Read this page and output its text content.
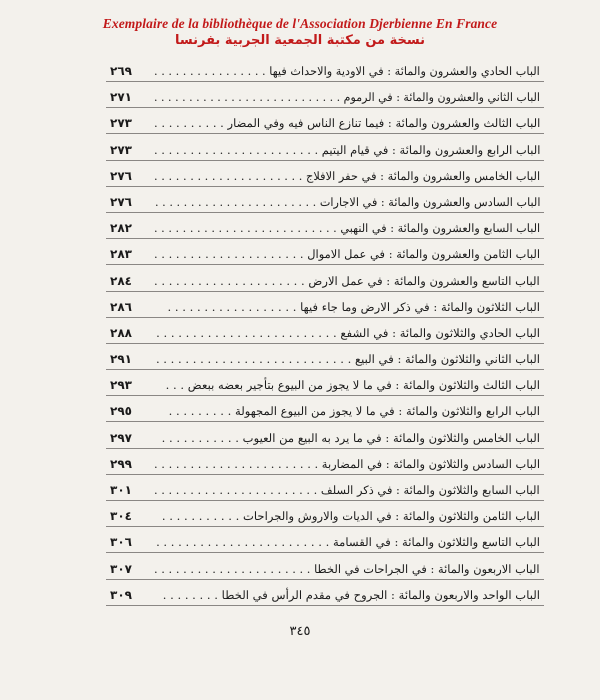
Exemplaire de la bibliothèque de l'Association Djerbienne En France
نسخة من مكتبة الجمعية الجربية بفرنسا
الباب الحادي والعشرون والمائة : في الاودية والاحداث فيها . . . . . . . . . . . . . . . .
٢٦٩
الباب الثاني والعشرون والمائة : في الرموم . . . . . . . . . . . . . . . . . . . . . . . . . . .
٢٧١
الباب الثالث والعشرون والمائة : فيما تنازع الناس فيه وفي المضار . . . . . . . . . .
٢٧٣
الباب الرابع والعشرون والمائة : في قيام اليتيم . . . . . . . . . . . . . . . . . . . . . . .
٢٧٣
الباب الخامس والعشرون والمائة : في حفر الافلاج . . . . . . . . . . . . . . . . . . . . .
٢٧٦
الباب السادس والعشرون والمائة : في الاجارات . . . . . . . . . . . . . . . . . . . . . . .
٢٧٦
الباب السابع والعشرون والمائة : في النهبي . . . . . . . . . . . . . . . . . . . . . . . . . .
٢٨٢
الباب الثامن والعشرون والمائة : في عمل الاموال . . . . . . . . . . . . . . . . . . . . .
٢٨٣
الباب التاسع والعشرون والمائة : في عمل الارض . . . . . . . . . . . . . . . . . . . . .
٢٨٤
الباب الثلاثون والمائة : في ذكر الارض وما جاء فيها . . . . . . . . . . . . . . . . . .
٢٨٦
الباب الحادي والثلاثون والمائة : في الشفع . . . . . . . . . . . . . . . . . . . . . . . . .
٢٨٨
الباب الثاني والثلاثون والمائة : في البيع . . . . . . . . . . . . . . . . . . . . . . . . . . .
٢٩١
الباب الثالث والثلاثون والمائة : في ما لا يجوز من البيوع بتأجير بعضه ببعض . . .
٢٩٣
الباب الرابع والثلاثون والمائة : في ما لا يجوز من البيوع المجهولة . . . . . . . . .
٢٩٥
الباب الخامس والثلاثون والمائة : في ما يرد به البيع من العيوب . . . . . . . . . . .
٢٩٧
الباب السادس والثلاثون والمائة : في المضاربة . . . . . . . . . . . . . . . . . . . . . . .
٢٩٩
الباب السابع والثلاثون والمائة : في ذكر السلف . . . . . . . . . . . . . . . . . . . . . . .
٣٠١
الباب الثامن والثلاثون والمائة : في الديات والاروش والجراحات . . . . . . . . . . .
٣٠٤
الباب التاسع والثلاثون والمائة : في القسامة . . . . . . . . . . . . . . . . . . . . . . . .
٣٠٦
الباب الاربعون والمائة : في الجراحات في الخطا . . . . . . . . . . . . . . . . . . . . . .
٣٠٧
الباب الواحد والاربعون والمائة : الجروح في مقدم الرأس في الخطا . . . . . . . .
٣٠٩
٣٤٥
